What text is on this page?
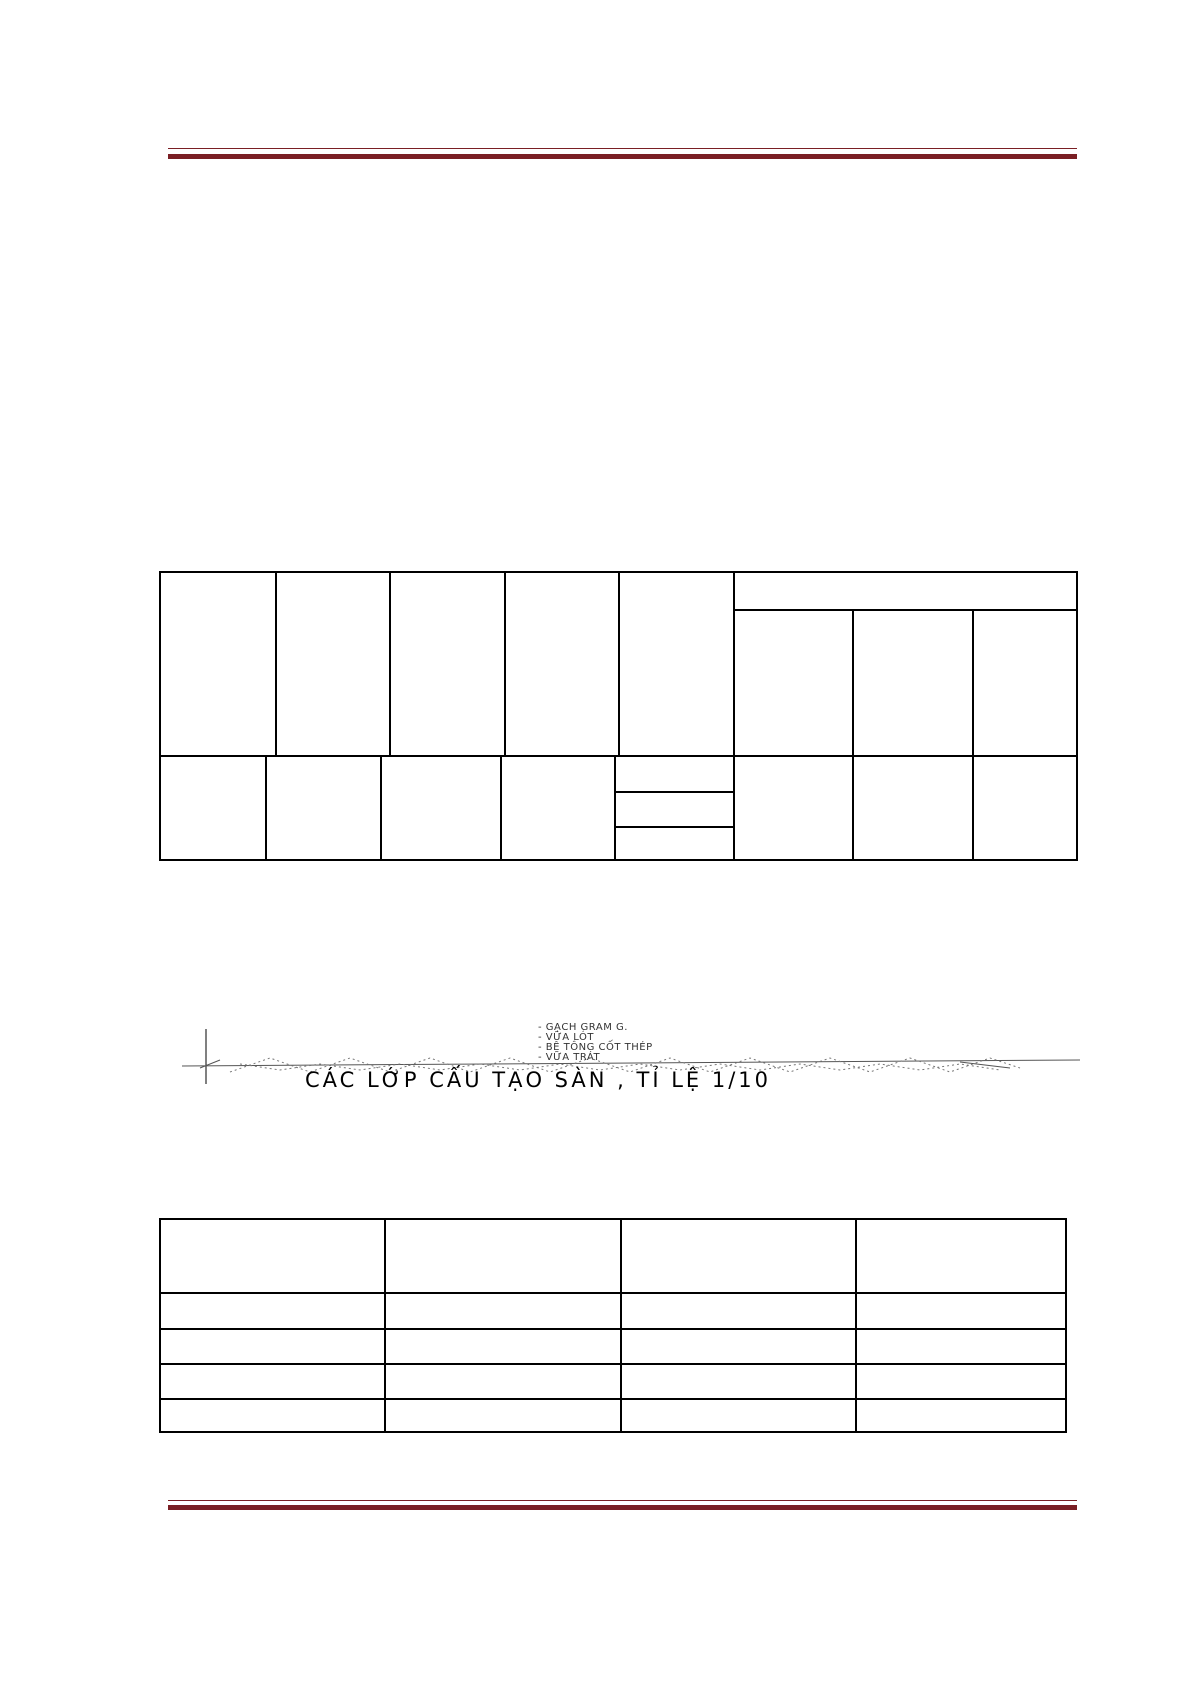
- GẠCH GRAM G.
- VỮA LÓT
- BÊ TÔNG CỐT THÉP
- VỮA TRÁT
CÁC LỚP CẤU TẠO SÀN , TỈ LỆ 1/10
